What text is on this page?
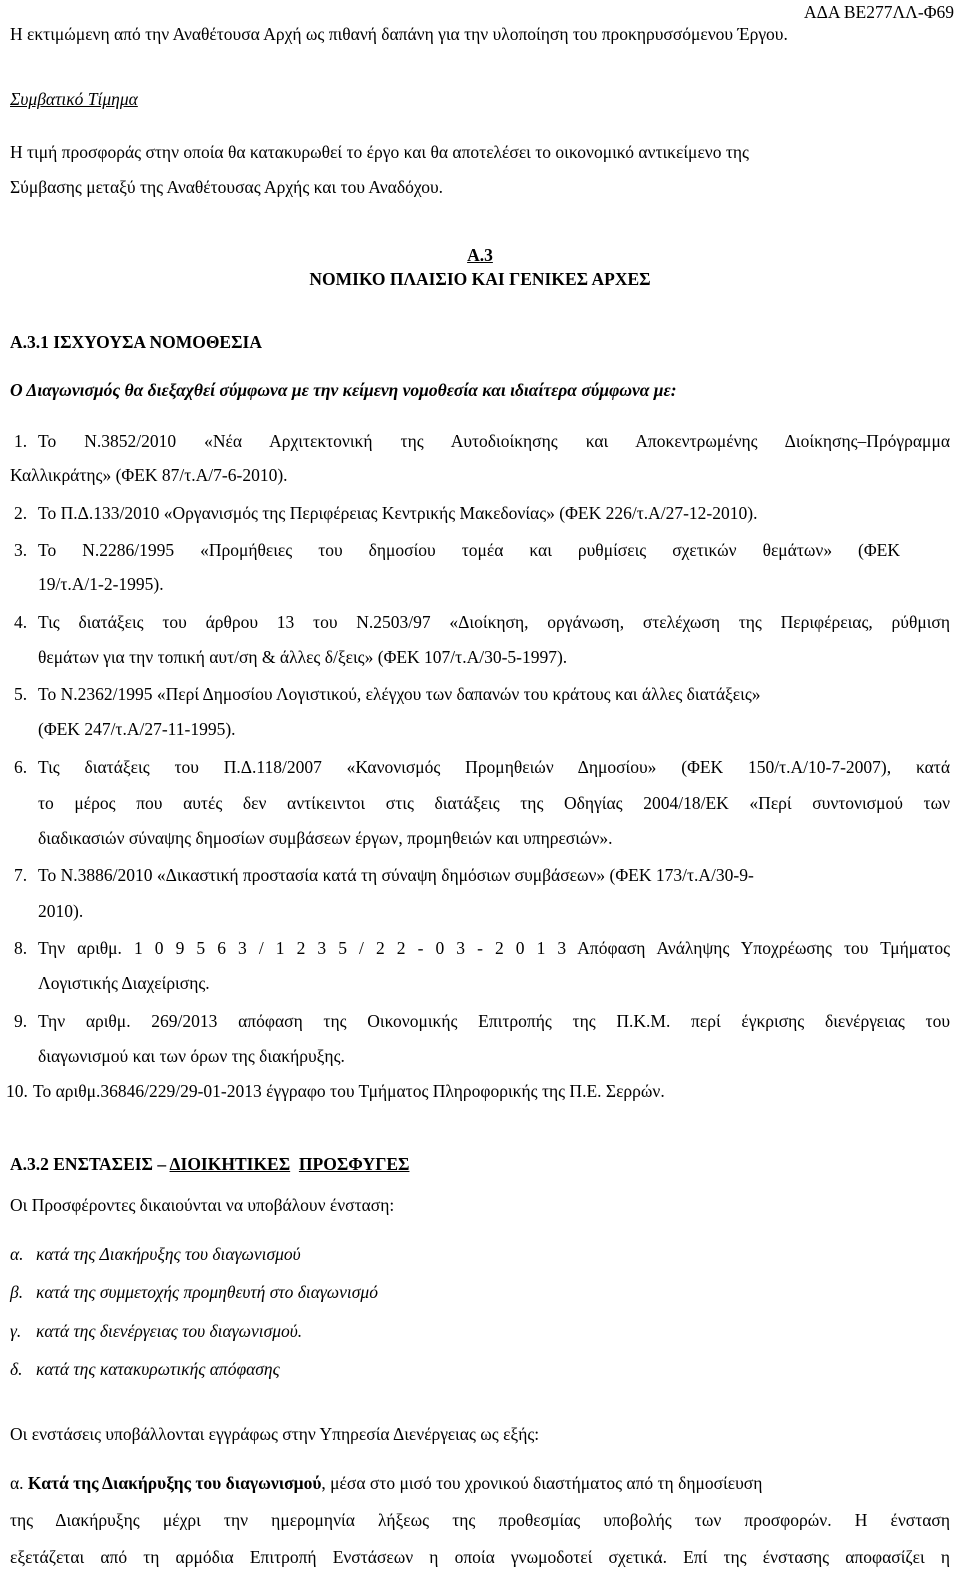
ΑΔΑ ΒΕ277ΛΛ-Φ69
Η εκτιμώμενη από την Αναθέτουσα Αρχή ως πιθανή δαπάνη για την υλοποίηση του προκηρυσσόμενου Έργου.
Συμβατικό Τίμημα
Η τιμή προσφοράς στην οποία θα κατακυρωθεί το έργο και θα αποτελέσει το οικονομικό αντικείμενο της
Σύμβασης μεταξύ της Αναθέτουσας Αρχής και του Αναδόχου.
Α.3
ΝΟΜΙΚΟ ΠΛΑΙΣΙΟ ΚΑΙ ΓΕΝΙΚΕΣ ΑΡΧΕΣ
Α.3.1 ΙΣΧΥΟΥΣΑ ΝΟΜΟΘΕΣΙΑ
Ο Διαγωνισμός θα διεξαχθεί σύμφωνα με την κείμενη νομοθεσία και ιδιαίτερα σύμφωνα με:
1. Το Ν.3852/2010 «Νέα Αρχιτεκτονική της Αυτοδιοίκησης και Αποκεντρωμένης Διοίκησης–Πρόγραμμα
Καλλικράτης» (ΦΕΚ 87/τ.Α/7-6-2010).
2. Το Π.Δ.133/2010 «Οργανισμός της Περιφέρειας Κεντρικής Μακεδονίας» (ΦΕΚ 226/τ.Α/27-12-2010).
3. Το Ν.2286/1995 «Προμήθειες του δημοσίου τομέα και ρυθμίσεις σχετικών θεμάτων» (ΦΕΚ
19/τ.Α/1-2-1995).
4. Τις διατάξεις του άρθρου 13 του Ν.2503/97 «Διοίκηση, οργάνωση, στελέχωση της Περιφέρειας, ρύθμιση
θεμάτων για την τοπική αυτ/ση & άλλες δ/ξεις» (ΦΕΚ 107/τ.Α/30-5-1997).
5. Το Ν.2362/1995 «Περί Δημοσίου Λογιστικού, ελέγχου των δαπανών του κράτους και άλλες διατάξεις»
(ΦΕΚ 247/τ.Α/27-11-1995).
6. Τις διατάξεις του Π.Δ.118/2007 «Κανονισμός Προμηθειών Δημοσίου» (ΦΕΚ 150/τ.Α/10-7-2007), κατά
το μέρος που αυτές δεν αντίκειντοι στις διατάξεις της Οδηγίας 2004/18/ΕΚ «Περί συντονισμού των
διαδικασιών σύναψης δημοσίων συμβάσεων έργων, προμηθειών και υπηρεσιών».
7. Το Ν.3886/2010 «Δικαστική προστασία κατά τη σύναψη δημόσιων συμβάσεων» (ΦΕΚ 173/τ.Α/30-9-
2010).
8. Την αριθμ. 1 0 9 5 6 3 / 1 2 3 5 / 2 2 - 0 3 - 2 0 1 3 Απόφαση Ανάληψης Υποχρέωσης του Τμήματος
Λογιστικής Διαχείρισης.
9. Την αριθμ. 269/2013 απόφαση της Οικονομικής Επιτροπής της Π.Κ.Μ. περί έγκρισης διενέργειας του
διαγωνισμού και των όρων της διακήρυξης.
10. Το αριθμ.36846/229/29-01-2013 έγγραφο του Τμήματος Πληροφορικής της Π.Ε. Σερρών.
Α.3.2 ΕΝΣΤΑΣΕΙΣ – ΔΙΟΙΚΗΤΙΚΕΣ ΠΡΟΣΦΥΓΕΣ
Οι Προσφέροντες δικαιούνται να υποβάλουν ένσταση:
α. κατά της Διακήρυξης του διαγωνισμού
β. κατά της συμμετοχής προμηθευτή στο διαγωνισμό
γ. κατά της διενέργειας του διαγωνισμού.
δ. κατά της κατακυρωτικής απόφασης
Οι ενστάσεις υποβάλλονται εγγράφως στην Υπηρεσία Διενέργειας ως εξής:
α. Κατά της Διακήρυξης του διαγωνισμού, μέσα στο μισό του χρονικού διαστήματος από τη δημοσίευση
της Διακήρυξης μέχρι την ημερομηνία λήξεως της προθεσμίας υποβολής των προσφορών. Η ένσταση
εξετάζεται από τη αρμόδια Επιτροπή Ενστάσεων η οποία γνωμοδοτεί σχετικά. Επί της ένστασης αποφασίζει η
